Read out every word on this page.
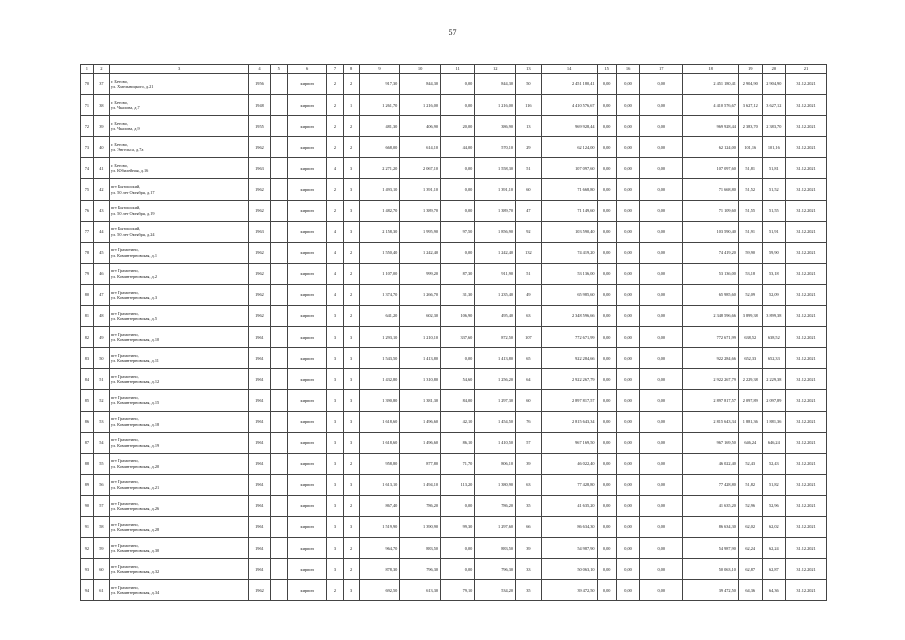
57
1	2	3	4	5	6	7	8	9	10	11	12	13	14	15	16	17	18	19	20	21
70	37	г. Бетово,
ул. Хмельницкого, д.21	1956		кирпич	2	2	917,30	844,30	0,00	844,30	50	2 451 180,41	0,00	0,00	0,00	2 451 180,41	2 904,90	2 904,90	31.12.2021
71	38	г. Бетово,
ул. Чкалова, д.7	1948		кирпич	2	1	1 261,70	1 216,00	0,00	1 216,00	116	4 410 576,67	0,00	0,00	0,00	4 410 576,67	3 627,12	3 627,12	31.12.2021
72	39	г. Бетово,
ул. Чкалова, д.9	1955		кирпич	2	2	481,30	406,90	20,00	386,90	13	969 928,44	0,00	0,00	0,00	969 928,44	2 383,70	2 383,70	31.12.2021
73	40	г. Бетово,
ул. Энгельса, д.7а	1962		кирпич	2	2	668,00	614,10	44,00	570,10	29	62 124,00	0,00	0,00	0,00	62 124,00	101,16	101,16	31.12.2021
74	41	г. Бетово,
ул. Юбилейная, д.16	1963		кирпич	4	3	2 271,20	2 067,10	0,00	1 558,30	51	107 097,60	0,00	0,00	0,00	107 097,60	51,81	51,81	31.12.2021
75	42	пгт Бытошский,
ул. 50 лет Октября, д.17	1962		кирпич	2	3	1 493,10	1 391,10	0,00	1 391,10	60	71 668,80	0,00	0,00	0,00	71 668,80	51,52	51,52	31.12.2021
76	43	пгт Бытошский,
ул. 50 лет Октября, д.19	1962		кирпич	2	3	1 482,70	1 389,70	0,00	1 389,70	47	71 149,60	0,00	0,00	0,00	71 109,60	51,55	51,55	31.12.2021
77	44	пгт Бытошский,
ул. 50 лет Октября, д.24	1963		кирпич	4	3	2 158,30	1 995,90	97,50	1 856,90	92	103 590,40	0,00	0,00	0,00	103 590,40	51,91	51,91	31.12.2021
78	45	пгт Грамотино,
ул. Коминтерновская, д.1	1962		кирпич	4	2	1 550,40	1 242,40	0,00	1 242,40	132	74 419,20	0,00	0,00	0,00	74 419,20	59,90	59,90	31.12.2021
79	46	пгт Грамотино,
ул. Коминтерновская, д.2	1962		кирпич	4	2	1 107,00	999,20	87,30	911,90	51	53 136,00	0,00	0,00	0,00	53 136,00	53,18	53,18	31.12.2021
80	47	пгт Грамотино,
ул. Коминтерновская, д.3	1962		кирпич	4	2	1 374,70	1 266,70	31,30	1 235,40	49	65 985,60	0,00	0,00	0,00	65 985,60	52,09	52,09	31.12.2021
81	48	пгт Грамотино,
ул. Коминтерновская, д.5	1962		кирпич	3	2	641,20	602,30	106,90	495,40	63	2 348 596,66	0,00	0,00	0,00	2 348 596,66	3 899,38	3 899,38	31.12.2021
82	49	пгт Грамотино,
ул. Коминтерновская, д.10	1961		кирпич	3	3	1 293,10	1 210,10	337,60	872,50	107	772 671,99	0,00	0,00	0,00	772 671,99	638,52	638,52	31.12.2021
83	50	пгт Грамотино,
ул. Коминтерновская, д.11	1961		кирпич	3	3	1 543,50	1 413,80	0,00	1 413,80	65	922 284,66	0,00	0,00	0,00	922 284,66	652,33	652,33	31.12.2021
84	51	пгт Грамотино,
ул. Коминтерновская, д.12	1961		кирпич	3	3	1 432,80	1 310,80	54,60	1 256,20	64	2 922 267,79	0,00	0,00	0,00	2 922 267,79	2 229,38	2 229,38	31.12.2021
85	52	пгт Грамотино,
ул. Коминтерновская, д.15	1961		кирпич	3	3	1 390,80	1 381,30	84,00	1 297,30	60	2 897 817,57	0,00	0,00	0,00	2 897 817,57	2 097,89	2 097,89	31.12.2021
86	53	пгт Грамотино,
ул. Коминтерновская, д.18	1961		кирпич	3	3	1 618,60	1 496,60	42,10	1 454,50	76	2 815 643,34	0,00	0,00	0,00	2 815 643,34	1 881,36	1 881,36	31.12.2021
87	54	пгт Грамотино,
ул. Коминтерновская, д.19	1961		кирпич	3	3	1 618,60	1 496,60	86,10	1 410,50	57	967 169,50	0,00	0,00	0,00	967 169,50	646,24	646,24	31.12.2021
88	55	пгт Грамотино,
ул. Коминтерновская, д.20	1961		кирпич	3	2	958,80	877,80	71,70	806,10	39	46 022,40	0,00	0,00	0,00	46 022,40	52,43	52,43	31.12.2021
89	56	пгт Грамотино,
ул. Коминтерновская, д.21	1961		кирпич	3	3	1 613,10	1 494,10	113,20	1 380,90	63	77 428,80	0,00	0,00	0,00	77 428,80	51,82	51,82	31.12.2021
90	57	пгт Грамотино,
ул. Коминтерновская, д.26	1961		кирпич	3	2	867,40	786,20	0,00	786,20	35	41 635,20	0,00	0,00	0,00	41 635,20	52,96	52,96	31.12.2021
91	58	пгт Грамотино,
ул. Коминтерновская, д.28	1961		кирпич	3	3	1 519,90	1 390,90	99,30	1 297,60	66	86 634,30	0,00	0,00	0,00	86 634,30	62,02	62,02	31.12.2021
92	59	пгт Грамотино,
ул. Коминтерновская, д.30	1961		кирпич	3	2	964,70	883,50	0,00	883,50	39	54 987,90	0,00	0,00	0,00	54 987,90	62,24	62,24	31.12.2021
93	60	пгт Грамотино,
ул. Коминтерновская, д.32	1961		кирпич	3	2	878,30	796,30	0,00	796,30	33	50 063,10	0,00	0,00	0,00	50 063,10	62,87	62,87	31.12.2021
94	61	пгт Грамотино,
ул. Коминтерновская, д.34	1962		кирпич	2	3	692,50	613,30	79,10	534,20	35	39 472,50	0,00	0,00	0,00	39 472,50	64,36	64,36	31.12.2021
